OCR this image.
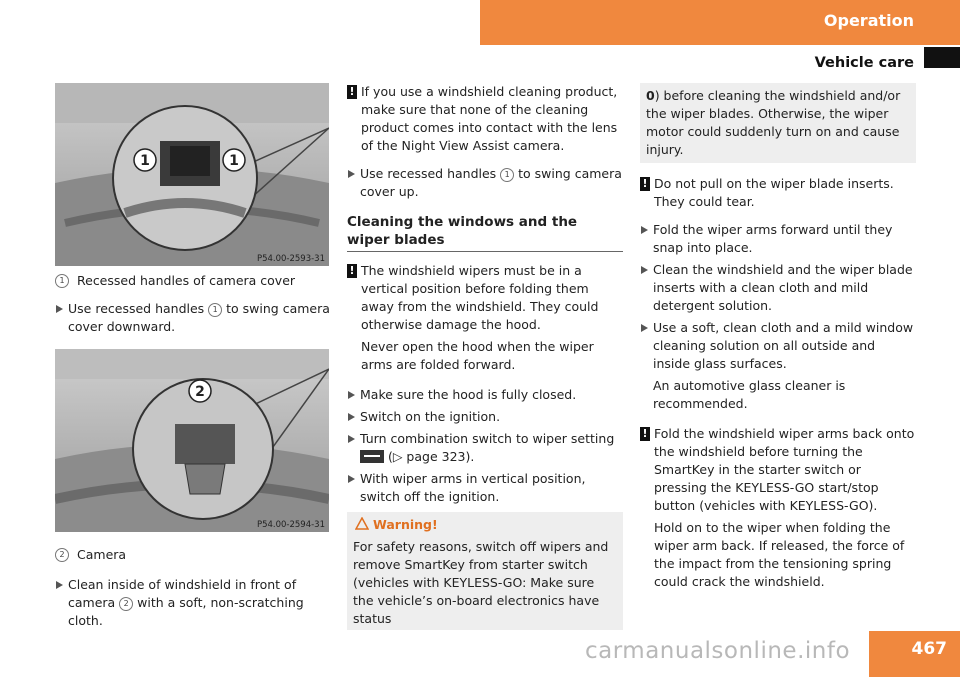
Operation
Vehicle care
1	1
P54.00-2593-31
2
P54.00-2594-31

1 Recessed handles of camera cover

Use recessed handles 1 to swing camera cover downward.

2 Camera

Clean inside of windshield in front of camera 2 with a soft, non-scratching cloth.

! If you use a windshield cleaning product, make sure that none of the cleaning product comes into contact with the lens of the Night View Assist camera.

Use recessed handles 1 to swing camera cover up.

Cleaning the windows and the wiper blades

! The windshield wipers must be in a vertical position before folding them away from the windshield. They could otherwise damage the hood.

Never open the hood when the wiper arms are folded forward.

Make sure the hood is fully closed.

Switch on the ignition.

Turn combination switch to wiper setting  (▷ page 323).

With wiper arms in vertical position, switch off the ignition.

Warning!

For safety reasons, switch off wipers and remove SmartKey from starter switch (vehicles with KEYLESS-GO: Make sure the vehicle’s on-board electronics have status

0) before cleaning the windshield and/or the wiper blades. Otherwise, the wiper motor could suddenly turn on and cause injury.

! Do not pull on the wiper blade inserts. They could tear.

Fold the wiper arms forward until they snap into place.

Clean the windshield and the wiper blade inserts with a clean cloth and mild detergent solution.

Use a soft, clean cloth and a mild window cleaning solution on all outside and inside glass surfaces.

An automotive glass cleaner is recommended.

! Fold the windshield wiper arms back onto the windshield before turning the SmartKey in the starter switch or pressing the KEYLESS-GO start/stop button (vehicles with KEYLESS-GO).

Hold on to the wiper when folding the wiper arm back. If released, the force of the impact from the tensioning spring could crack the windshield.

carmanualsonline.info	467
